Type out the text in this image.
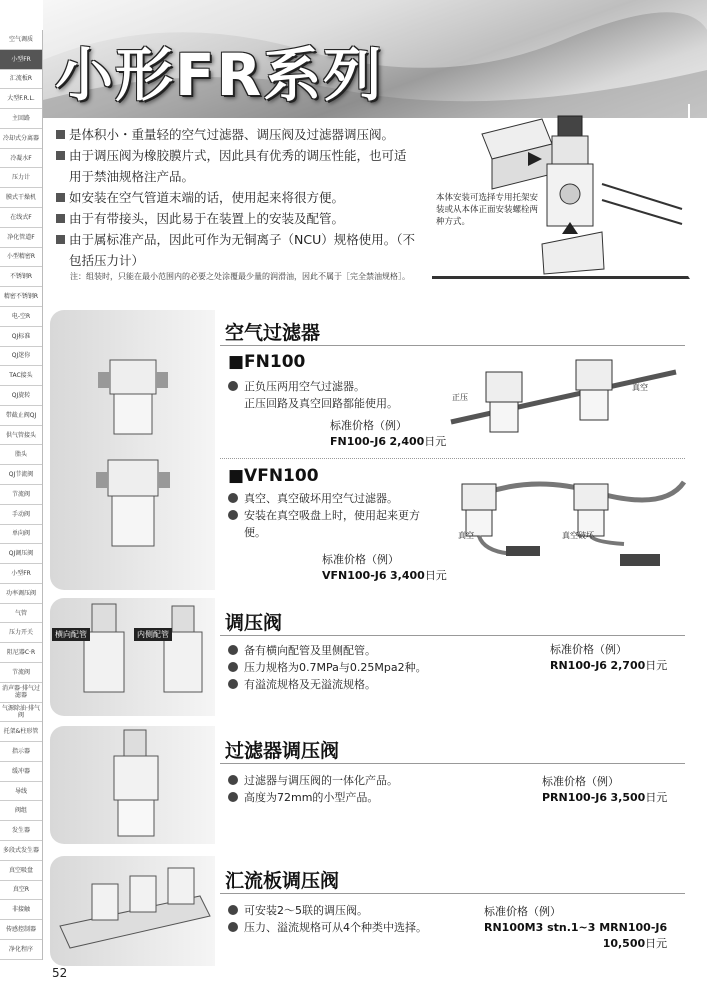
空气调质
小型FR
汇流板R
大型F.R.L.
主回路
冷却式分离器
冷凝水F
压力计
膜式干燥机
在线式F
净化管道F
小型精密R
不锈钢R
精密不锈钢R
电-空R
QJ标准
QJ迷你
TAC接头
QJ旋转
带截止阀QJ
供气管接头
脂头
QJ节流阀
节流阀
手动阀
单向阀
QJ调压阀
小型FR
功率调压阀
气管
压力开关
阻尼器C·R
节流阀
消声器·排气过滤器
气源除油·排气阀
托架&柱形管
指示器
缓冲器
导线
阀组
发生器
多段式发生器
真空吸盘
真空R
非接触
传感控制器
净化程序
小形FR系列
是体积小・重量轻的空气过滤器、调压阀及过滤器调压阀。
由于调压阀为橡胶膜片式，因此具有优秀的调压性能，也可适用于禁油规格注产品。
如安装在空气管道末端的话，使用起来将很方便。
由于有带接头，因此易于在装置上的安装及配管。
由于属标准产品，因此可作为无铜离子（NCU）规格使用。（不包括压力计）
注：组装时，只能在最小范围内的必要之处涂覆最少量的润滑油，因此不属于［完全禁油规格］。
本体安装可选择专用托架安装或从本体正面安装螺栓两种方式。
空气过滤器
■FN100
正负压两用空气过滤器。
正压回路及真空回路都能使用。
标准价格（例）
FN100-J6 2,400日元
正压
真空
■VFN100
真空、真空破坏用空气过滤器。
安装在真空吸盘上时，使用起来更方便。
标准价格（例）
VFN100-J6 3,400日元
真空	真空破坏
横向配管	内侧配管
调压阀
备有横向配管及里侧配管。
压力规格为0.7MPa与0.25Mpa2种。
有溢流规格及无溢流规格。
标准价格（例）
RN100-J6 2,700日元
过滤器调压阀
过滤器与调压阀的一体化产品。
高度为72mm的小型产品。
标准价格（例）
PRN100-J6 3,500日元
汇流板调压阀
可安装2～5联的调压阀。
压力、溢流规格可从4个种类中选择。
标准价格（例）
RN100M3 stn.1~3 MRN100-J6
10,500日元
52
